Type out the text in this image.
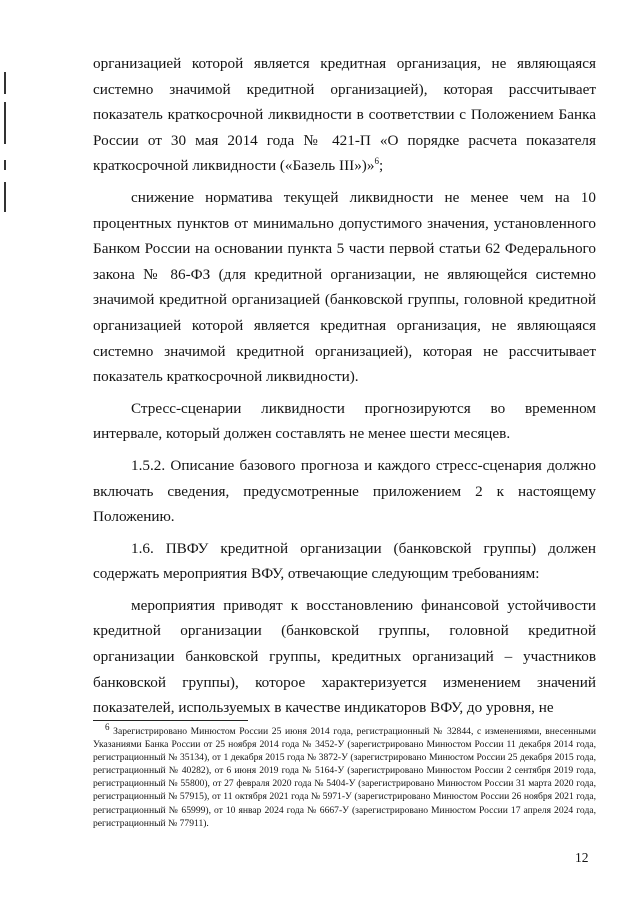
организацией которой является кредитная организация, не являющаяся системно значимой кредитной организацией), которая рассчитывает показатель краткосрочной ликвидности в соответствии с Положением Банка России от 30 мая 2014 года № 421-П «О порядке расчета показателя краткосрочной ликвидности («Базель III»)»$^6$;

снижение норматива текущей ликвидности не менее чем на 10 процентных пунктов от минимально допустимого значения, установленного Банком России на основании пункта 5 части первой статьи 62 Федерального закона № 86-ФЗ (для кредитной организации, не являющейся системно значимой кредитной организацией (банковской группы, головной кредитной организацией которой является кредитная организация, не являющаяся системно значимой кредитной организацией), которая не рассчитывает показатель краткосрочной ликвидности).

Стресс-сценарии ликвидности прогнозируются во временном интервале, который должен составлять не менее шести месяцев.

1.5.2. Описание базового прогноза и каждого стресс-сценария должно включать сведения, предусмотренные приложением 2 к настоящему Положению.

1.6. ПВФУ кредитной организации (банковской группы) должен содержать мероприятия ВФУ, отвечающие следующим требованиям:

мероприятия приводят к восстановлению финансовой устойчивости кредитной организации (банковской группы, головной кредитной организации банковской группы, кредитных организаций – участников банковской группы), которое характеризуется изменением значений показателей, используемых в качестве индикаторов ВФУ, до уровня, не

$^6$ Зарегистрировано Минюстом России 25 июня 2014 года, регистрационный № 32844, с изменениями, внесенными Указаниями Банка России от 25 ноября 2014 года № 3452-У (зарегистрировано Минюстом России 11 декабря 2014 года, регистрационный № 35134), от 1 декабря 2015 года № 3872-У (зарегистрировано Минюстом России 25 декабря 2015 года, регистрационный № 40282), от 6 июня 2019 года № 5164-У (зарегистрировано Минюстом России 2 сентября 2019 года, регистрационный № 55800), от 27 февраля 2020 года № 5404-У (зарегистрировано Минюстом России 31 марта 2020 года, регистрационный № 57915), от 11 октября 2021 года № 5971-У (зарегистрировано Минюстом России 26 ноября 2021 года, регистрационный № 65999), от 10 январ 2024 года № 6667-У (зарегистрировано Минюстом России 17 апреля 2024 года, регистрационный № 77911).

12
